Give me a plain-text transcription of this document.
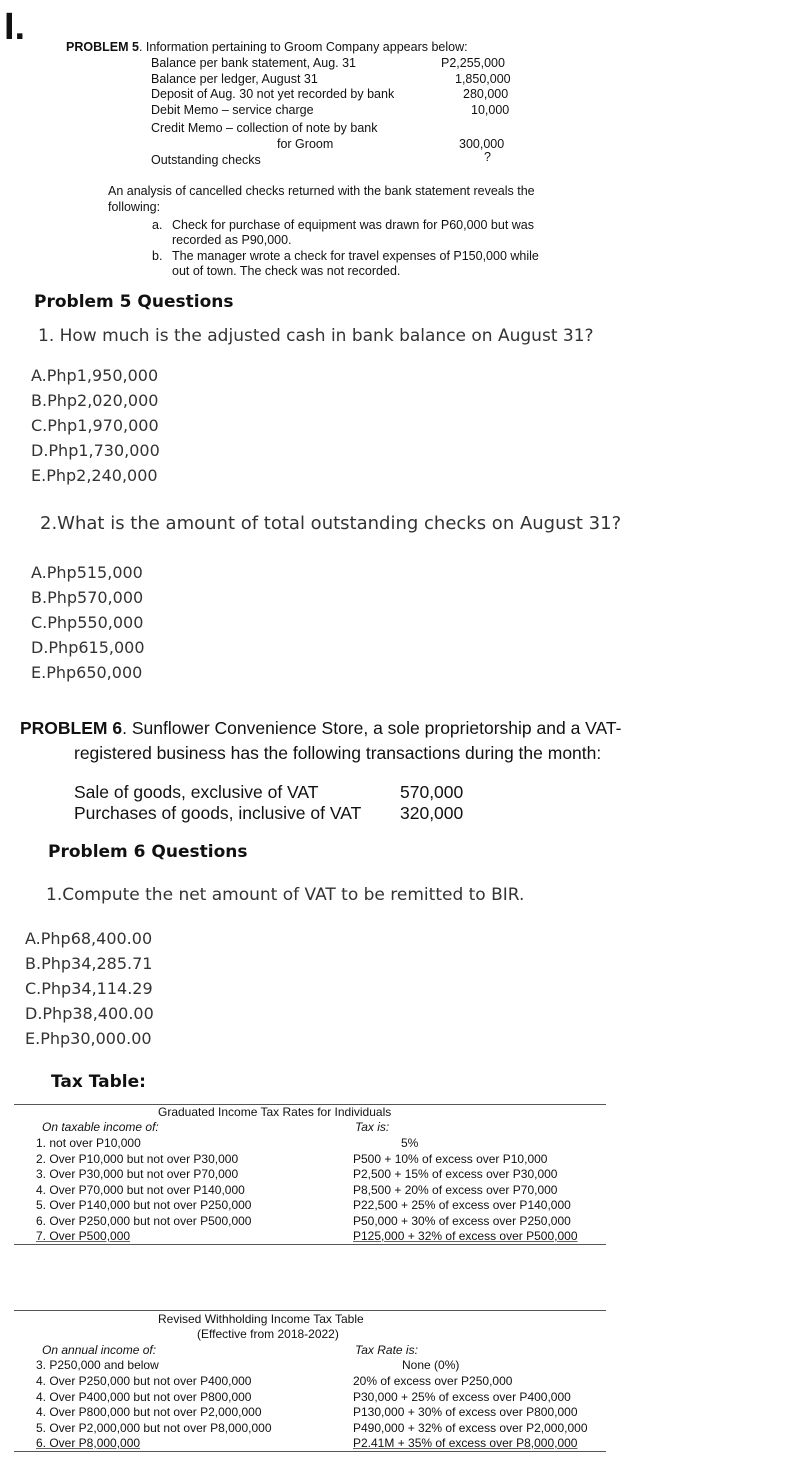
I.	PROBLEM 5. Information pertaining to Groom Company appears below:
Balance per bank statement, Aug. 31	P2,255,000
Balance per ledger, August 31	1,850,000
Deposit of Aug. 30 not yet recorded by bank	280,000
Debit Memo – service charge	10,000
Credit Memo – collection of note by bank
for Groom	300,000
Outstanding checks	?
An analysis of cancelled checks returned with the bank statement reveals the
following:
a. Check for purchase of equipment was drawn for P60,000 but was
recorded as P90,000.
b. The manager wrote a check for travel expenses of P150,000 while
out of town. The check was not recorded.
Problem 5 Questions
1. How much is the adjusted cash in bank balance on August 31?
A.Php1,950,000
B.Php2,020,000
C.Php1,970,000
D.Php1,730,000
E.Php2,240,000
2.What is the amount of total outstanding checks on August 31?
A.Php515,000
B.Php570,000
C.Php550,000
D.Php615,000
E.Php650,000
PROBLEM 6. Sunflower Convenience Store, a sole proprietorship and a VAT-
registered business has the following transactions during the month:
Sale of goods, exclusive of VAT	570,000
Purchases of goods, inclusive of VAT 320,000
Problem 6 Questions
1.Compute the net amount of VAT to be remitted to BIR.
A.Php68,400.00
B.Php34,285.71
C.Php34,114.29
D.Php38,400.00
E.Php30,000.00
Tax Table:
Graduated Income Tax Rates for Individuals
On taxable income of:	Tax is:
1. not over P10,000	5%
2. Over P10,000 but not over P30,000	P500 + 10% of excess over P10,000
3. Over P30,000 but not over P70,000	P2,500 + 15% of excess over P30,000
4. Over P70,000 but not over P140,000	P8,500 + 20% of excess over P70,000
5. Over P140,000 but not over P250,000	P22,500 + 25% of excess over P140,000
6. Over P250,000 but not over P500,000	P50,000 + 30% of excess over P250,000
7. Over P500,000	P125,000 + 32% of excess over P500,000
Revised Withholding Income Tax Table
(Effective from 2018-2022)
On annual income of:	Tax Rate is:
3. P250,000 and below	None (0%)
4. Over P250,000 but not over P400,000	20% of excess over P250,000
4. Over P400,000 but not over P800,000	P30,000 + 25% of excess over P400,000
4. Over P800,000 but not over P2,000,000	P130,000 + 30% of excess over P800,000
5. Over P2,000,000 but not over P8,000,000	P490,000 + 32% of excess over P2,000,000
6. Over P8,000,000	P2.41M + 35% of excess over P8,000,000
